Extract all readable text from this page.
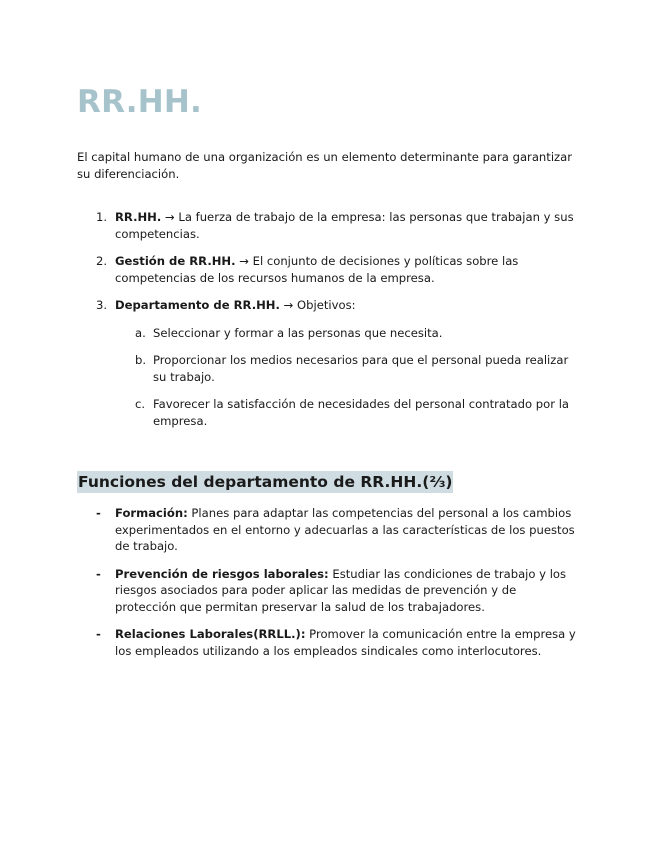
RR.HH.

El capital humano de una organización es un elemento determinante para garantizar su diferenciación.

1. RR.HH. → La fuerza de trabajo de la empresa: las personas que trabajan y sus competencias.
2. Gestión de RR.HH. → El conjunto de decisiones y políticas sobre las competencias de los recursos humanos de la empresa.
3. Departamento de RR.HH. → Objetivos:
a. Seleccionar y formar a las personas que necesita.
b. Proporcionar los medios necesarios para que el personal pueda realizar su trabajo.
c. Favorecer la satisfacción de necesidades del personal contratado por la empresa.
Funciones del departamento de RR.HH.(⅔)
- Formación: Planes para adaptar las competencias del personal a los cambios experimentados en el entorno y adecuarlas a las características de los puestos de trabajo.
- Prevención de riesgos laborales: Estudiar las condiciones de trabajo y los riesgos asociados para poder aplicar las medidas de prevención y de protección que permitan preservar la salud de los trabajadores.
- Relaciones Laborales(RRLL.): Promover la comunicación entre la empresa y los empleados utilizando a los empleados sindicales como interlocutores.
